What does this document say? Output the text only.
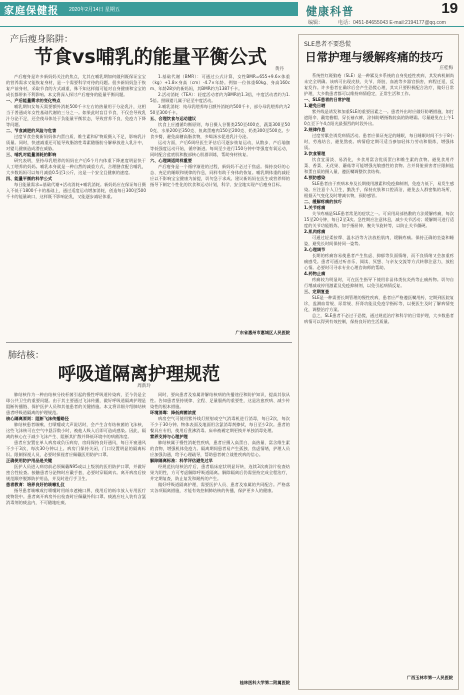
家庭保健报 2020年2月14日 星期五	健康科普	19
编辑：	电话：0451-84655043 E-mail:2194177@qq.com
产后瘦身陷阱：
节食vs哺乳的能量平衡公式
黄丹
产后瘦身是许多新妈妈关注的焦点，尤其在哺乳期如何做到既保证宝宝的营养需求又能恢复身材，是一个需要科学对待的问题。很多新妈妈急于恢复产前身材，采取节食的方式减重，殊不知这样做可能对自身健康和宝宝的成长都带来不利影响。本文将深入探讨产后瘦身的能量平衡问题。
一、产后能量需求的变化特点
哺乳期妇女每天需要额外消耗500千卡左右的热量用于分泌乳汁，这相当于普通成年女性基础代谢的三分之一。如果此时盲目节食，不仅会导致乳汁分泌不足，还会使母体处于负能量平衡状态，导致营养不良、免疫力下降等问题。
二、节食减肥的风险与危害
过度节食会使新妈妈体内蛋白质、维生素和矿物质摄入不足，影响乳汁质量。同时，快速减重还可能导致脂溶性毒素随脂肪分解释放进入乳汁中，对婴儿健康造成潜在威胁。
三、哺乳对能量消耗的影响
研究表明，坚持母乳喂养的妈妈在产后6个月内体重下降速度明显快于人工喂养的妈妈。哺乳本身就是一种自然的减重方式，合理膳食配合哺乳，大多数妈妈可以每月减重0.5至1公斤，这是一个安全且健康的速度。
四、能量平衡的科学公式
每日能量需求=基础代谢+活动消耗+哺乳消耗。新妈妈应在保证每日摄入不低于1800千卡的基础上，通过适度运动增加消耗，创造每日300至500千卡的能量缺口，这样既不影响泌乳，又能逐步减轻体重。
1.基础代谢（BMR）：可通过公式计算，女性BMR=655+9.6×体重（kg）+1.8×身高（cm）-4.7×年龄。例如一位体重60kg、身高160cm、年龄28岁的新妈妈，其BMR约为1387千卡。
2.活动消耗（TEA）：轻度活动者约为BMR的1.3倍，中度活动者约为1.5倍。照顾婴儿属于轻至中度活动。
3.哺乳消耗：纯母乳喂养每日额外消耗约500千卡，部分母乳喂养约为250至300千卡。
五、合理饮食与运动建议
饮食上应遵循均衡原则，每日摄入谷薯类250至400克、蔬菜300至500克、水果200至350克、鱼禽蛋瘦肉150至200克、奶类300至500克。少食多餐，避免高糖高脂食物，多喝汤水促进乳汁分泌。
运动方面，产后6周经医生评估后可逐步恢复运动，从散步、产后瑜伽等低强度运动开始，循序渐进。每周至少进行150分钟中等强度有氧运动，同时配合盆底肌和腹部核心肌群训练，帮助身材恢复。
六、心理调适同样重要
产后瘦身是一个循序渐进的过程，新妈妈不必过于焦虑。保持良好的心态、充足的睡眠和规律的作息，同样有助于身体的恢复。哺乳期体重的减轻应以不影响宝宝健康为前提，切勿急于求成。建议新妈妈在医生或营养师的指导下制定个性化的饮食和运动计划，科学、安全地实现产后瘦身目标。
广东省惠州市惠城区人民医院
肺结核：
呼吸道隔离护理规范
周新玲
肺结核作为一种由结核分枝杆菌引起的慢性呼吸道传染病，至今仍是全球公共卫生的重要问题。由于其主要通过飞沫传播，做好呼吸道隔离护理是阻断传播链、保护医护人员和其他患者的关键措施。本文将详细介绍肺结核患者呼吸道隔离的护理规范。
核心隔离原则：阻断飞沫传播路径
肺结核患者咳嗽、打喷嚏或大声说话时，会产生含有结核菌的飞沫核，这些飞沫核可在空气中悬浮数小时，被他人吸入后即可造成感染。因此，隔离的核心在于减少飞沫产生、阻断其扩散并降低环境中的病菌浓度。
患者应安置在单人病房或负压病房，房间保持良好通风，每日开窗通风不少于3次，每次30分钟以上。病房门保持关闭，门口设置明显的隔离标识。限制探视人员，必要时探视者应佩戴医用防护口罩。
正确使用防护用品是关键
医护人员进入病房前必须佩戴N95或以上级别的医用防护口罩，并做好密合性检查。接触患者分泌物时应戴手套，必要时穿隔离衣。离开病房后按规范顺序脱卸防护用品，并及时进行手卫生。
患者教育：培养良好的咳嗽礼仪
指导患者咳嗽或打喷嚏时用纸巾遮掩口鼻，使用后的纸巾放入专用医疗废物袋中。患者离开病房外出检查时应佩戴外科口罩。痰液应吐入装有含氯消毒剂的痰盒内，不可随地吐痰。
同时，要向患者及家属讲解结核病的传播途径和防护知识，提高其依从性。告知患者坚持规律、全程、足量服药的重要性，这是治愈疾病、减少传染性的根本措施。
环境消毒：降低病菌浓度
病房空气可使用紫外线灯照射或空气消毒机进行消毒，每日2次，每次不少于30分钟。物体表面及地面用含氯消毒剂擦拭，每日至少2次。患者的餐具应专用，使用后煮沸消毒。床单被褥定期更换并单独消毒处理。
营养支持与心理护理
肺结核属于慢性消耗性疾病，患者应摄入高蛋白、高热量、富含维生素的食物，增强机体免疫力。隔离期间患者易产生孤独、焦虑情绪，护理人员应加强沟通，给予心理疏导，帮助患者树立战胜疾病的信心。
解除隔离标准：科学评估避免过早
经规范抗结核治疗后，患者临床症状明显好转，连续3次痰涂片检查结果为阴性，方可考虑解除呼吸道隔离。解除隔离后仍需坚持完成全程治疗，并定期复查，防止复发和耐药的产生。
做好呼吸道隔离护理，需要医护人员、患者及家属的共同配合。严格落实各项隔离措施，才能有效控制肺结核的传播，保护更多人的健康。
桂林医科大学第二附属医院
SLE患者不要恐慌
日常护理与缓解疼痛的技巧
庄桂梅
系统性红斑狼疮（SLE）是一种累及多系统的自身免疫性疾病，其发病机制尚未完全明确。该病可出现皮肤、关节、肾脏、血液等多器官损害，病程迁延，反复发作。许多患者在确诊后会产生恐慌心理，其实只要积极配合治疗，做好日常护理，大多数患者都可以维持病情稳定，正常生活和工作。
一、SLE患者的日常护理
1.避免日晒
紫外线是诱发和加重SLE的重要因素之一。患者外出时应做好防晒措施，如打遮阳伞、戴宽檐帽、穿长袖衣裤，涂抹防晒指数较高的防晒霜。尽量避免在上午10点至下午4点阳光最强烈的时段外出。
2.规律作息
过度劳累会诱发病情活动。患者应保证充足的睡眠，每日睡眠时间不少于8小时，劳逸结合，避免熬夜。病情稳定期可适当参加轻体力劳动和锻炼，增强体质。
3.饮食管理
饮食宜清淡、易消化，多食用富含优质蛋白和维生素的食物。避免食用芹菜、香菜、无花果、蘑菇等可能增强光敏感性的食物。合并肾脏损害者应限制盐和蛋白质的摄入量，遵医嘱调整饮食结构。
4.预防感染
SLE患者由于疾病本身及长期使用激素和免疫抑制剂，免疫力低下，易发生感染。应注意个人卫生，勤洗手，保持皮肤和口腔清洁，避免去人群密集的场所，根据天气变化及时增减衣物，预防感冒。
二、缓解疼痛的技巧
1.关节疼痛
关节疼痛是SLE患者常见的症状之一。可采用局部热敷的方法缓解疼痛，每次15至20分钟，每日2至3次。急性期应注意休息，减少关节活动；缓解期可进行适度的关节功能锻炼，如手指屈伸、腕关节旋转等，以防止关节僵硬。
2.肌肉疼痛
可通过轻柔按摩、温水浴等方法放松肌肉，缓解疼痛。保持正确的坐姿和睡姿，避免长时间保持同一姿势。
3.心理调节
长期的疼痛容易使患者产生焦虑、抑郁等负面情绪，而不良情绪又会加重疼痛感受。患者可通过听音乐、阅读、冥想、与亲友交流等方式转移注意力，放松心情。必要时可寻求专业心理咨询师的帮助。
4.药物止痛
疼痛较为明显时，可在医生指导下使用非甾体类抗炎药等止痛药物。切勿自行增减或停用激素及免疫抑制剂，以免引起病情反复。
三、定期复查
SLE是一种需要长期管理的慢性疾病，患者应严格遵医嘱用药，定期到医院复诊，监测血常规、尿常规、肝肾功能及免疫学指标等，以便医生及时了解病情变化，调整治疗方案。
总之，SLE患者不必过于恐慌，通过规范治疗和科学的日常护理，大多数患者病情可以得到有效控制，保持良好的生活质量。
广西玉林市第一人民医院
